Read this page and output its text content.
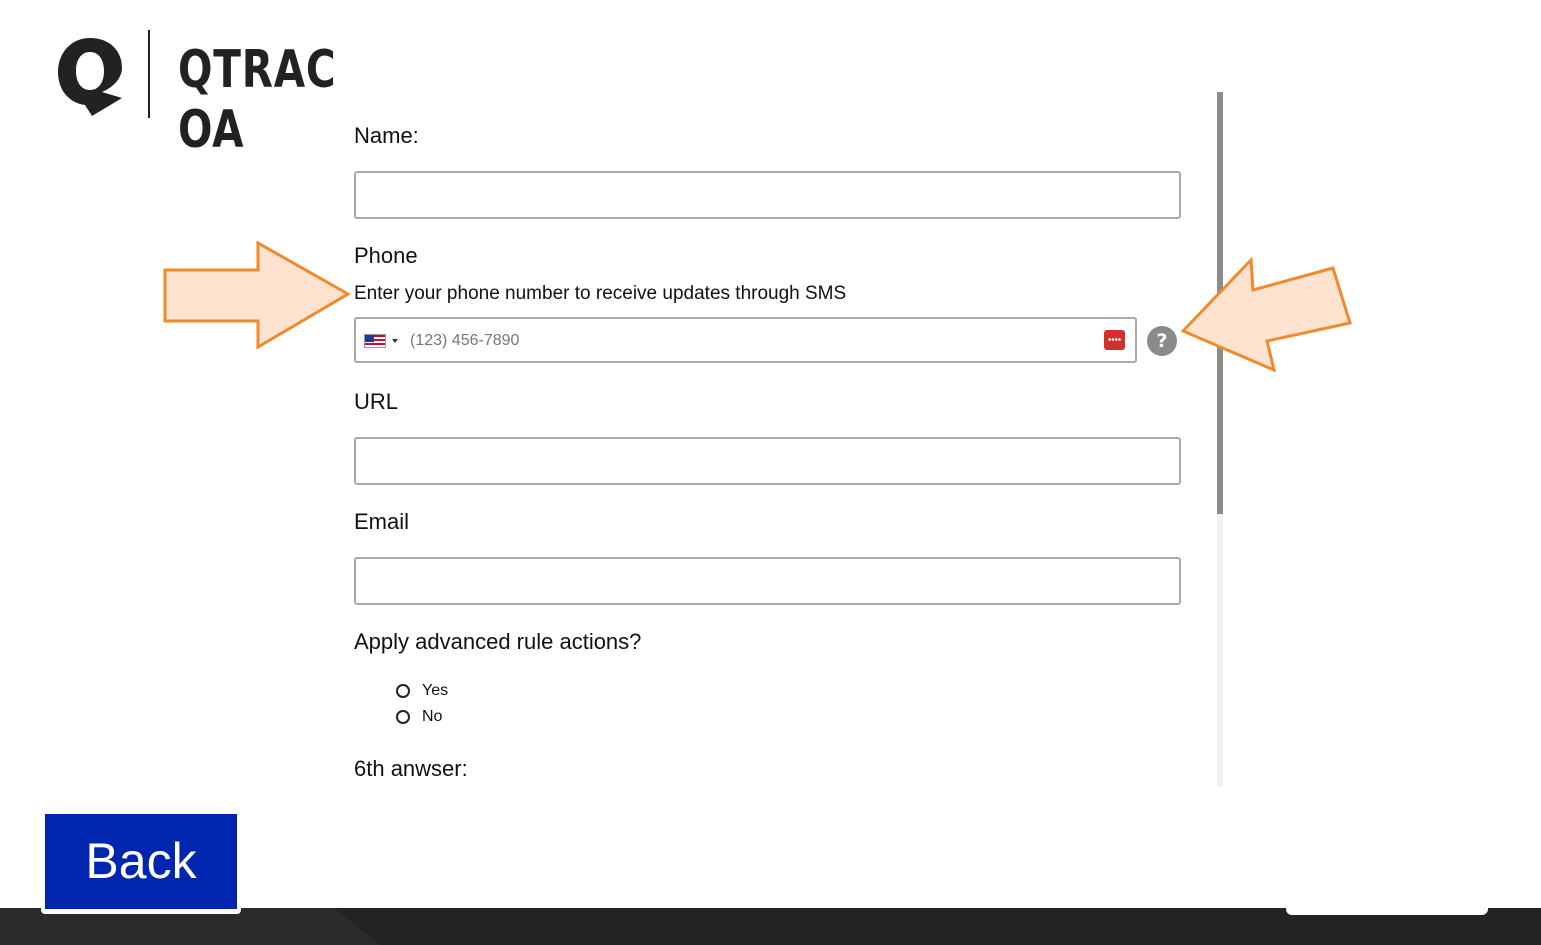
QTRAC OA	Name:
Phone
Enter your phone number to receive updates through SMS
(123) 456-7890
?
URL
Email
Apply advanced rule actions?
Yes
No
6th anwser:
Back
